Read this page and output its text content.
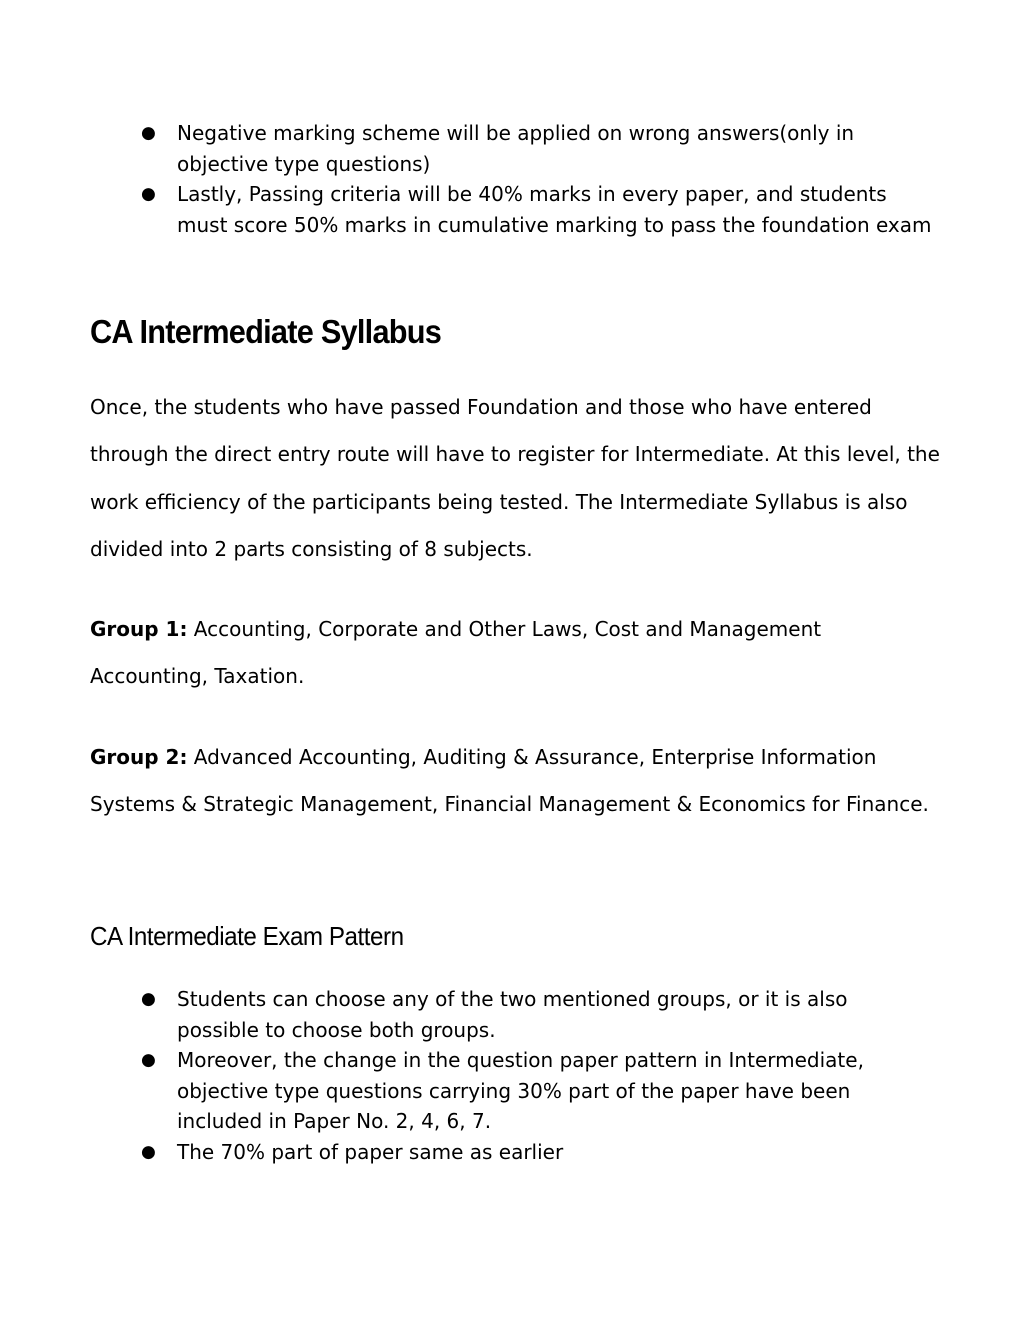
● Negative marking scheme will be applied on wrong answers(only in objective type questions)
● Lastly, Passing criteria will be 40% marks in every paper, and students must score 50% marks in cumulative marking to pass the foundation exam
CA Intermediate Syllabus

Once, the students who have passed Foundation and those who have entered through the direct entry route will have to register for Intermediate. At this level, the work efficiency of the participants being tested. The Intermediate Syllabus is also divided into 2 parts consisting of 8 subjects.

Group 1: Accounting, Corporate and Other Laws, Cost and Management Accounting, Taxation.

Group 2: Advanced Accounting, Auditing & Assurance, Enterprise Information Systems & Strategic Management, Financial Management & Economics for Finance.

CA Intermediate Exam Pattern
● Students can choose any of the two mentioned groups, or it is also possible to choose both groups.
● Moreover, the change in the question paper pattern in Intermediate, objective type questions carrying 30% part of the paper have been included in Paper No. 2, 4, 6, 7.
● The 70% part of paper same as earlier
